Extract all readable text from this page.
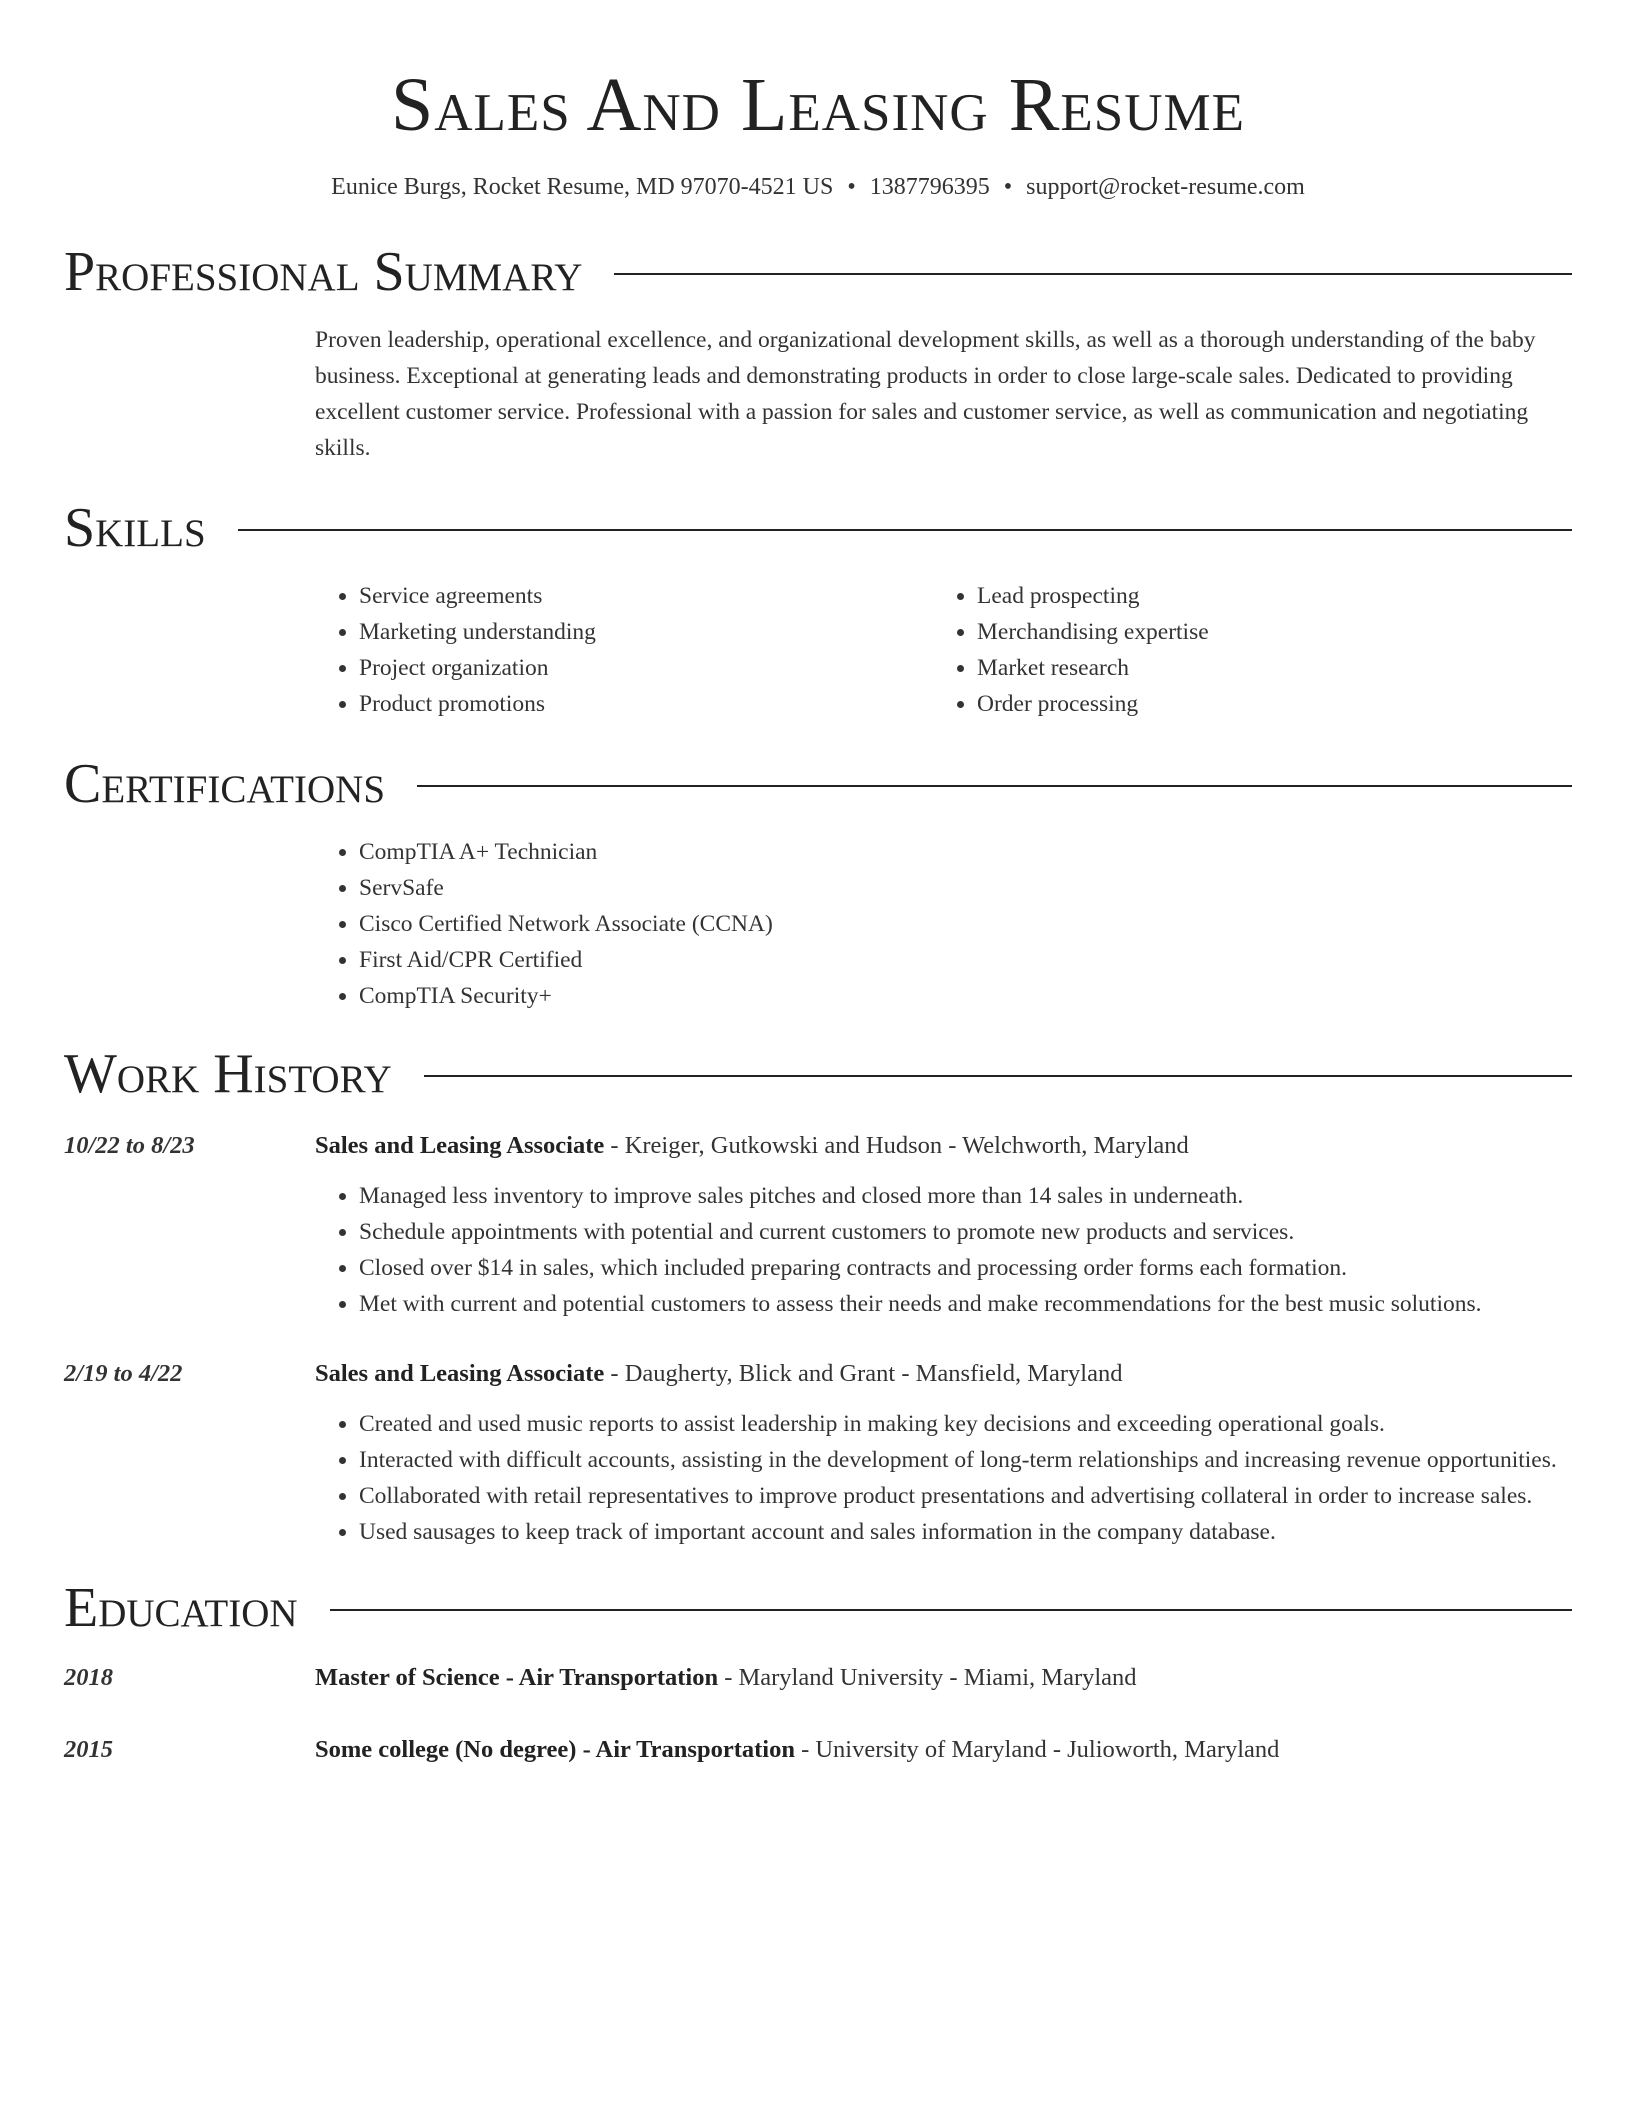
Sales And Leasing Resume
Eunice Burgs, Rocket Resume, MD 97070-4521 US • 1387796395 • support@rocket-resume.com
Professional Summary
Proven leadership, operational excellence, and organizational development skills, as well as a thorough understanding of the baby business. Exceptional at generating leads and demonstrating products in order to close large-scale sales. Dedicated to providing excellent customer service. Professional with a passion for sales and customer service, as well as communication and negotiating skills.
Skills
• Service agreements
• Marketing understanding
• Project organization
• Product promotions
• Lead prospecting
• Merchandising expertise
• Market research
• Order processing
Certifications
• CompTIA A+ Technician
• ServSafe
• Cisco Certified Network Associate (CCNA)
• First Aid/CPR Certified
• CompTIA Security+
Work History
10/22 to 8/23	Sales and Leasing Associate - Kreiger, Gutkowski and Hudson - Welchworth, Maryland
• Managed less inventory to improve sales pitches and closed more than 14 sales in underneath.
• Schedule appointments with potential and current customers to promote new products and services.
• Closed over $14 in sales, which included preparing contracts and processing order forms each formation.
• Met with current and potential customers to assess their needs and make recommendations for the best music solutions.
2/19 to 4/22	Sales and Leasing Associate - Daugherty, Blick and Grant - Mansfield, Maryland
• Created and used music reports to assist leadership in making key decisions and exceeding operational goals.
• Interacted with difficult accounts, assisting in the development of long-term relationships and increasing revenue opportunities.
• Collaborated with retail representatives to improve product presentations and advertising collateral in order to increase sales.
• Used sausages to keep track of important account and sales information in the company database.
Education
2018	Master of Science - Air Transportation - Maryland University - Miami, Maryland
2015	Some college (No degree) - Air Transportation - University of Maryland - Julioworth, Maryland
